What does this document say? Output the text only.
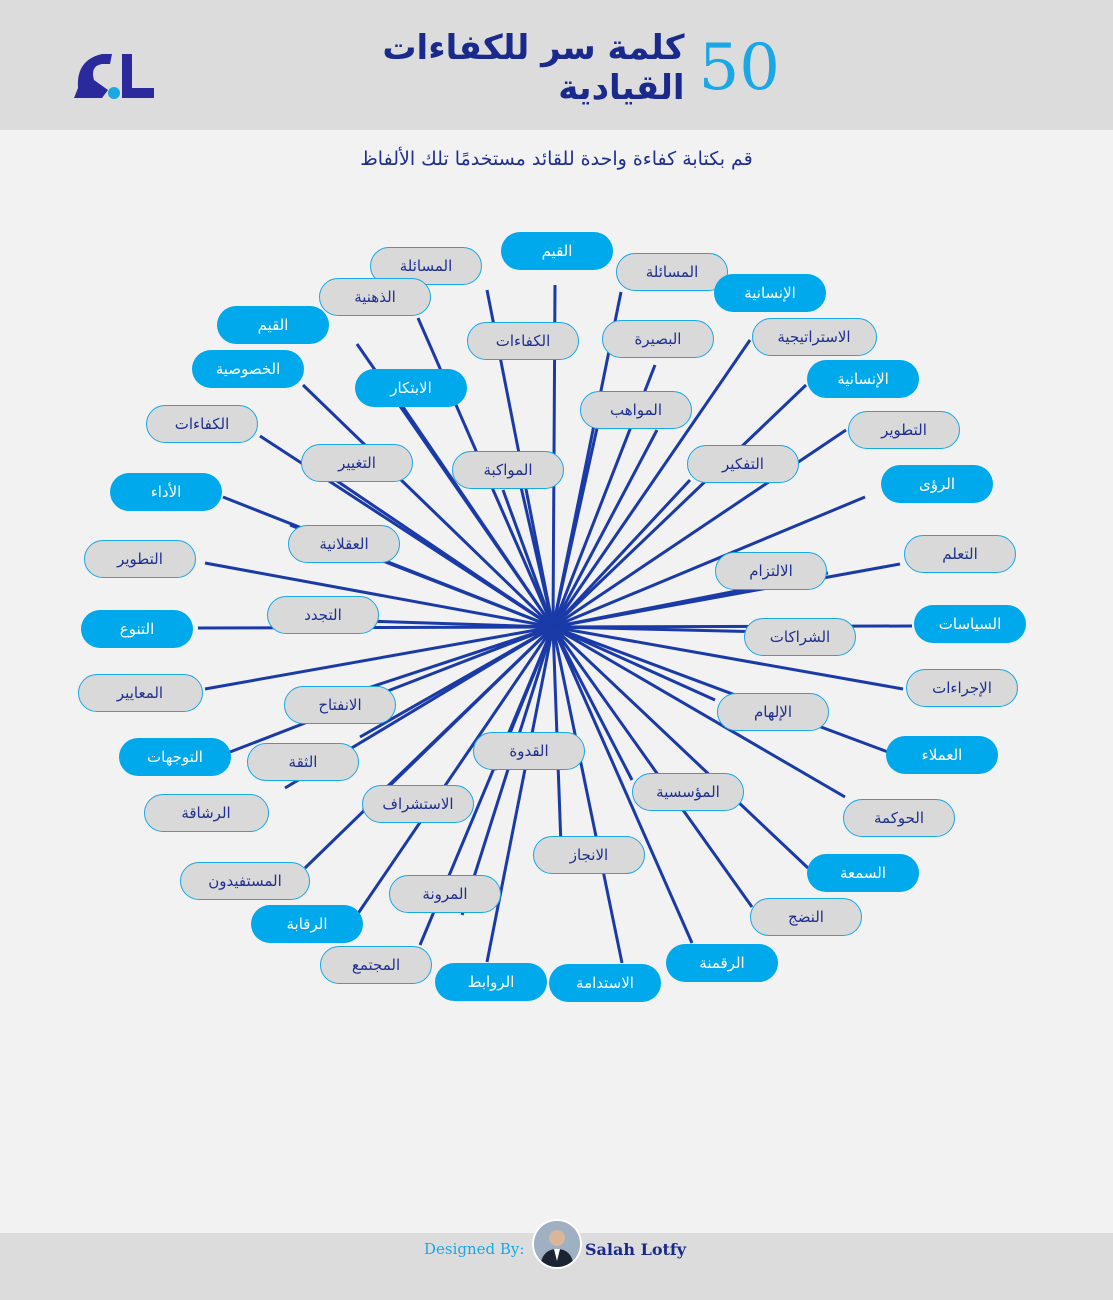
كلمة سر للكفاءات القيادية 50
قم بكتابة كفاءة واحدة للقائد مستخدمًا تلك الألفاظ
القيم
المسائلة	المسائلة
الإنسانية
الذهنية
الكفاءات	البصيرة	الاستراتيجية
القيم
الخصوصية
الابتكار
المواهب
الإنسانية
الكفاءات	التطوير
التغيير	المواكبة	التفكير
الأداء	الرؤى
العقلانية
التعلم
التطوير
الالتزام
التجدد	السياسات
التنوع	الشراكات
المعايير	الإجراءات
الانفتاح	الإلهام
التوجهات	الثقة
القدوة	العملاء
المؤسسية
الرشاقة	الاستشراف
الحوكمة
الانجاز
المستفيدون	السمعة
المرونة
النضج
الرقابة
الرقمنة
المجتمع
الروابط	الاستدامة
Designed By:	Salah Lotfy
